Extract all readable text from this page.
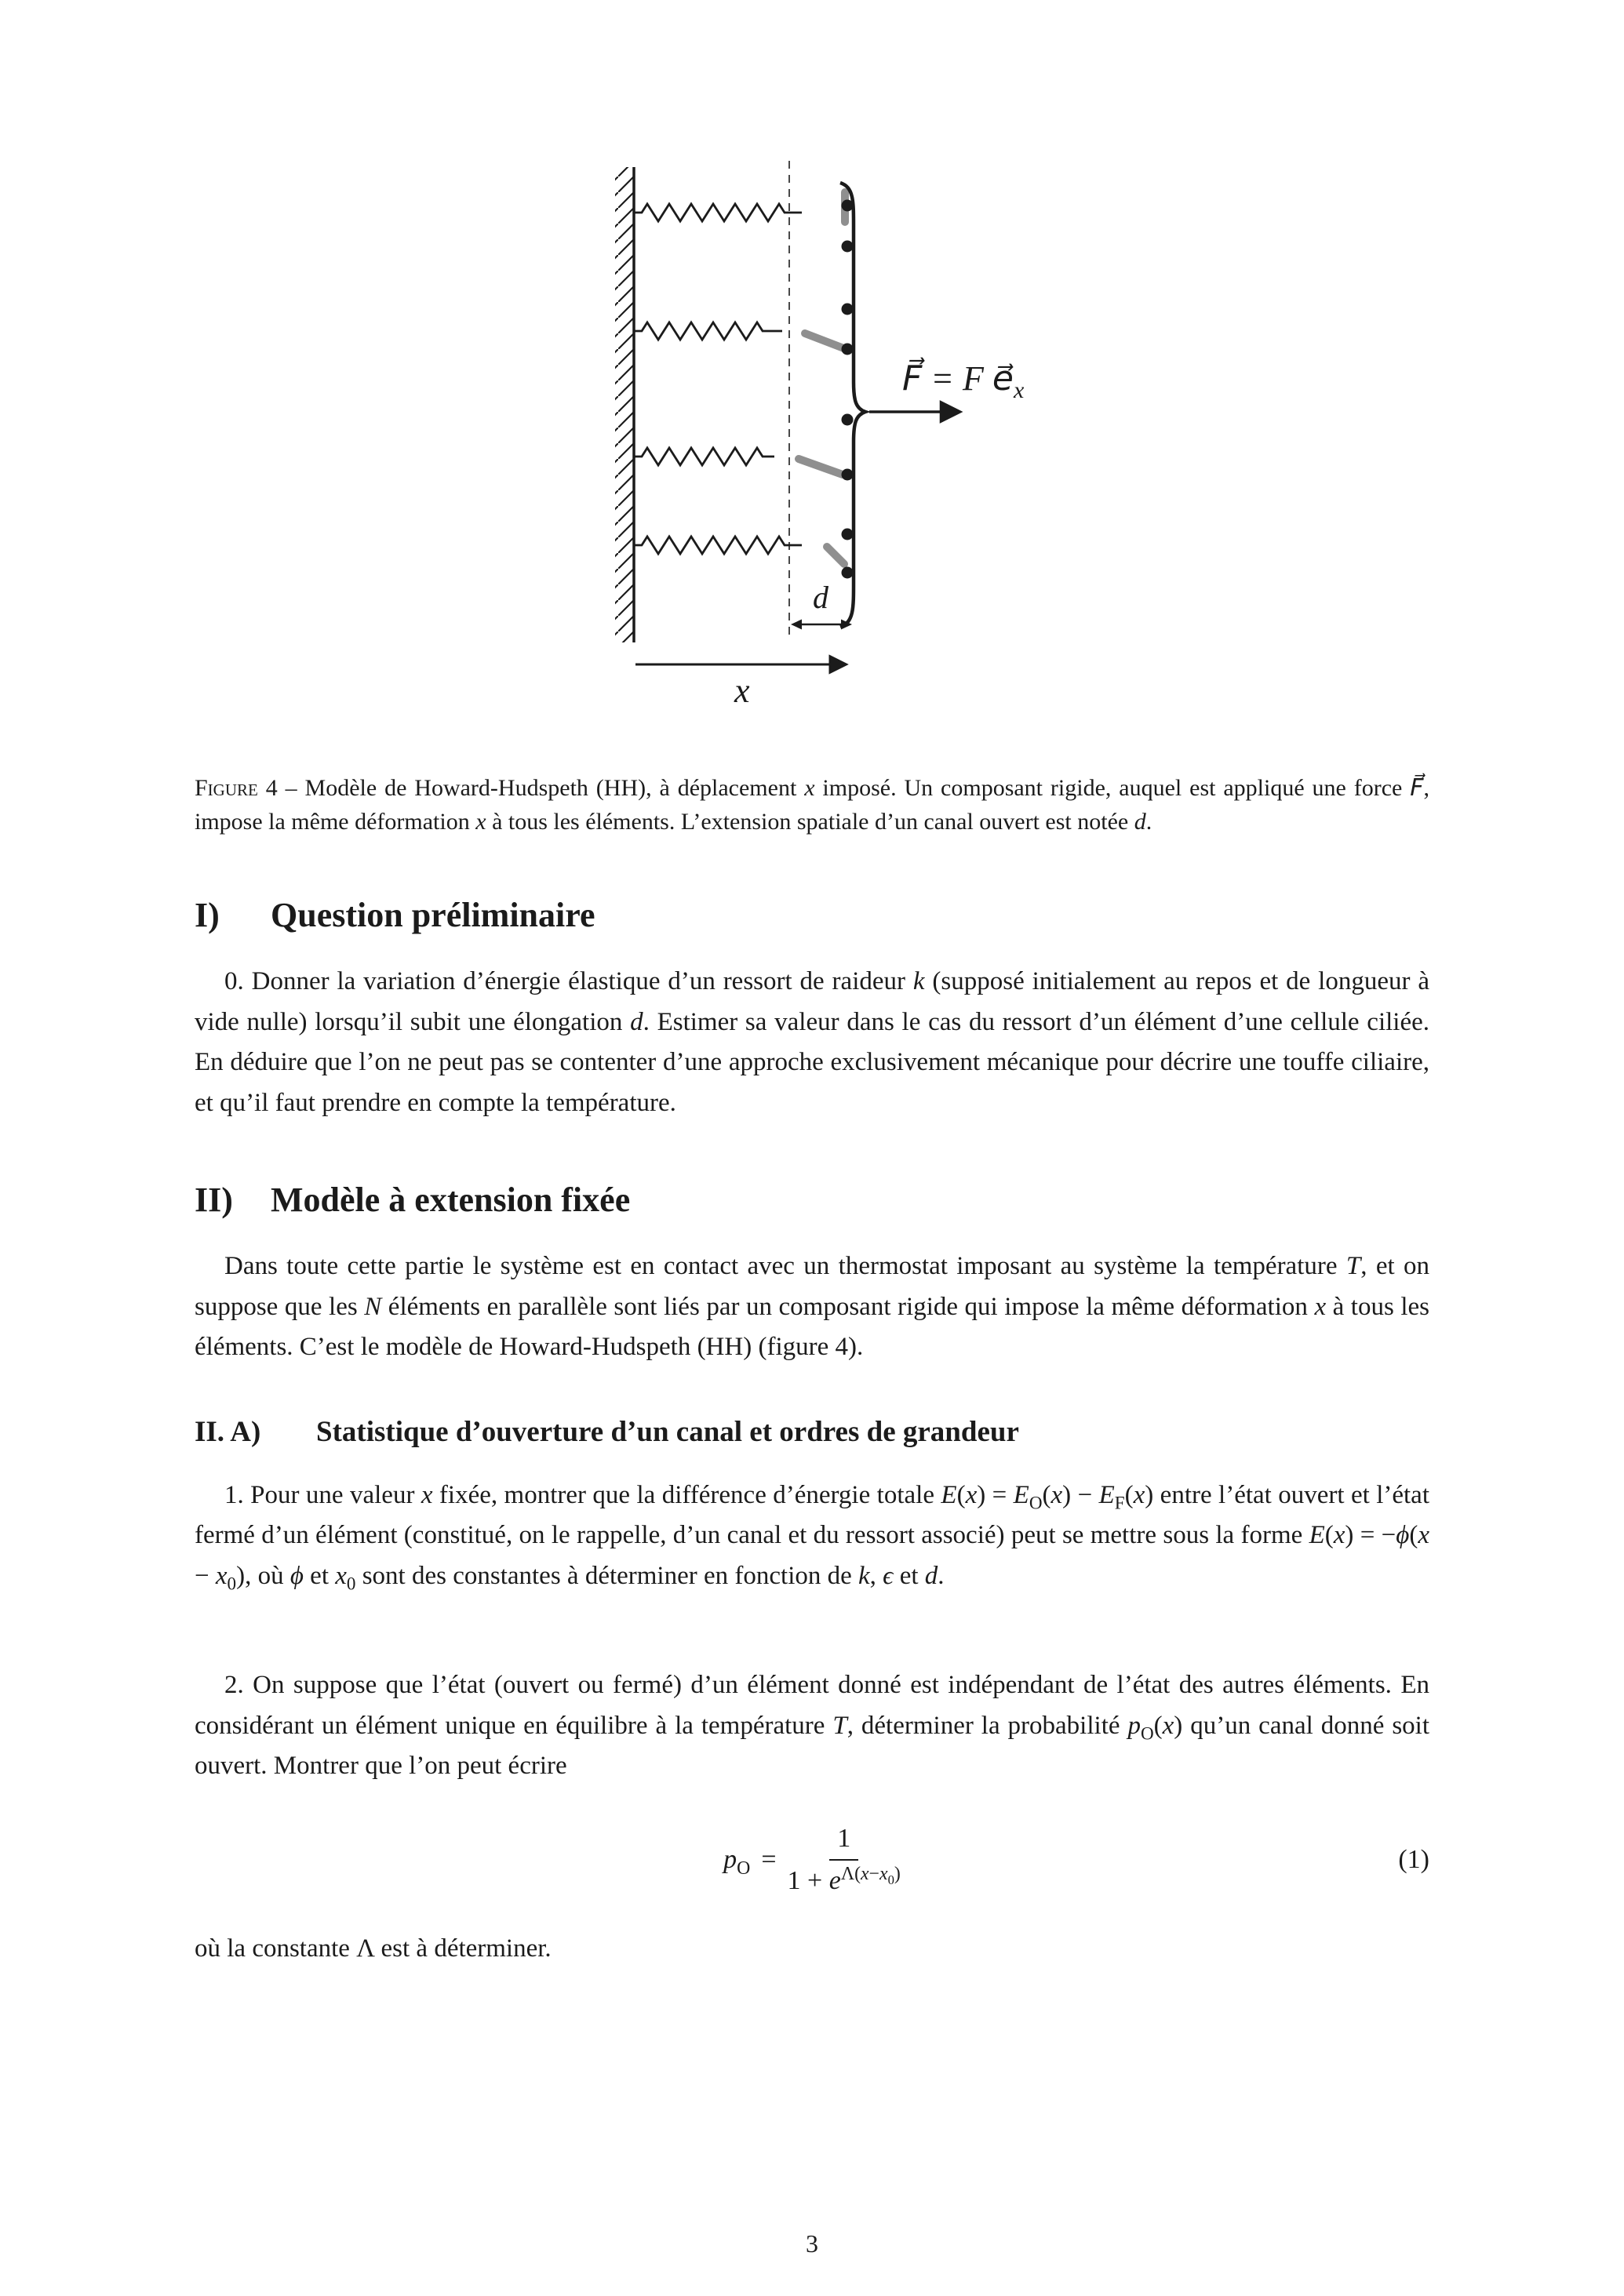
F⃗ = F $e⃗_x$
d
x
Figure 4 – Modèle de Howard-Hudspeth (HH), à déplacement x imposé. Un composant rigide, auquel est appliqué une force F⃗, impose la même déformation x à tous les éléments. L’extension spatiale d’un canal ouvert est notée d.
I) Question préliminaire

0. Donner la variation d’énergie élastique d’un ressort de raideur k (supposé initialement au repos et de longueur à vide nulle) lorsqu’il subit une élongation d. Estimer sa valeur dans le cas du ressort d’un élément d’une cellule ciliée. En déduire que l’on ne peut pas se contenter d’une approche exclusivement mécanique pour décrire une touffe ciliaire, et qu’il faut prendre en compte la température.

II) Modèle à extension fixée

Dans toute cette partie le système est en contact avec un thermostat imposant au système la température T, et on suppose que les N éléments en parallèle sont liés par un composant rigide qui impose la même déformation x à tous les éléments. C’est le modèle de Howard-Hudspeth (HH) (figure 4).

II. A) Statistique d’ouverture d’un canal et ordres de grandeur

1. Pour une valeur x fixée, montrer que la différence d’énergie totale $E(x) = E_O(x) - E_F(x)$ entre l’état ouvert et l’état fermé d’un élément (constitué, on le rappelle, d’un canal et du ressort associé) peut se mettre sous la forme $E(x) = -\phi(x - x_0)$, où ϕ et $x_0$ sont des constantes à déterminer en fonction de k, ϵ et d.

2. On suppose que l’état (ouvert ou fermé) d’un élément donné est indépendant de l’état des autres éléments. En considérant un élément unique en équilibre à la température T, déterminer la probabilité $p_O(x)$ qu’un canal donné soit ouvert. Montrer que l’on peut écrire

$p_O = \frac{1}{1 + e^{\Lambda(x-x_0)}}$	(1)

où la constante Λ est à déterminer.

3
